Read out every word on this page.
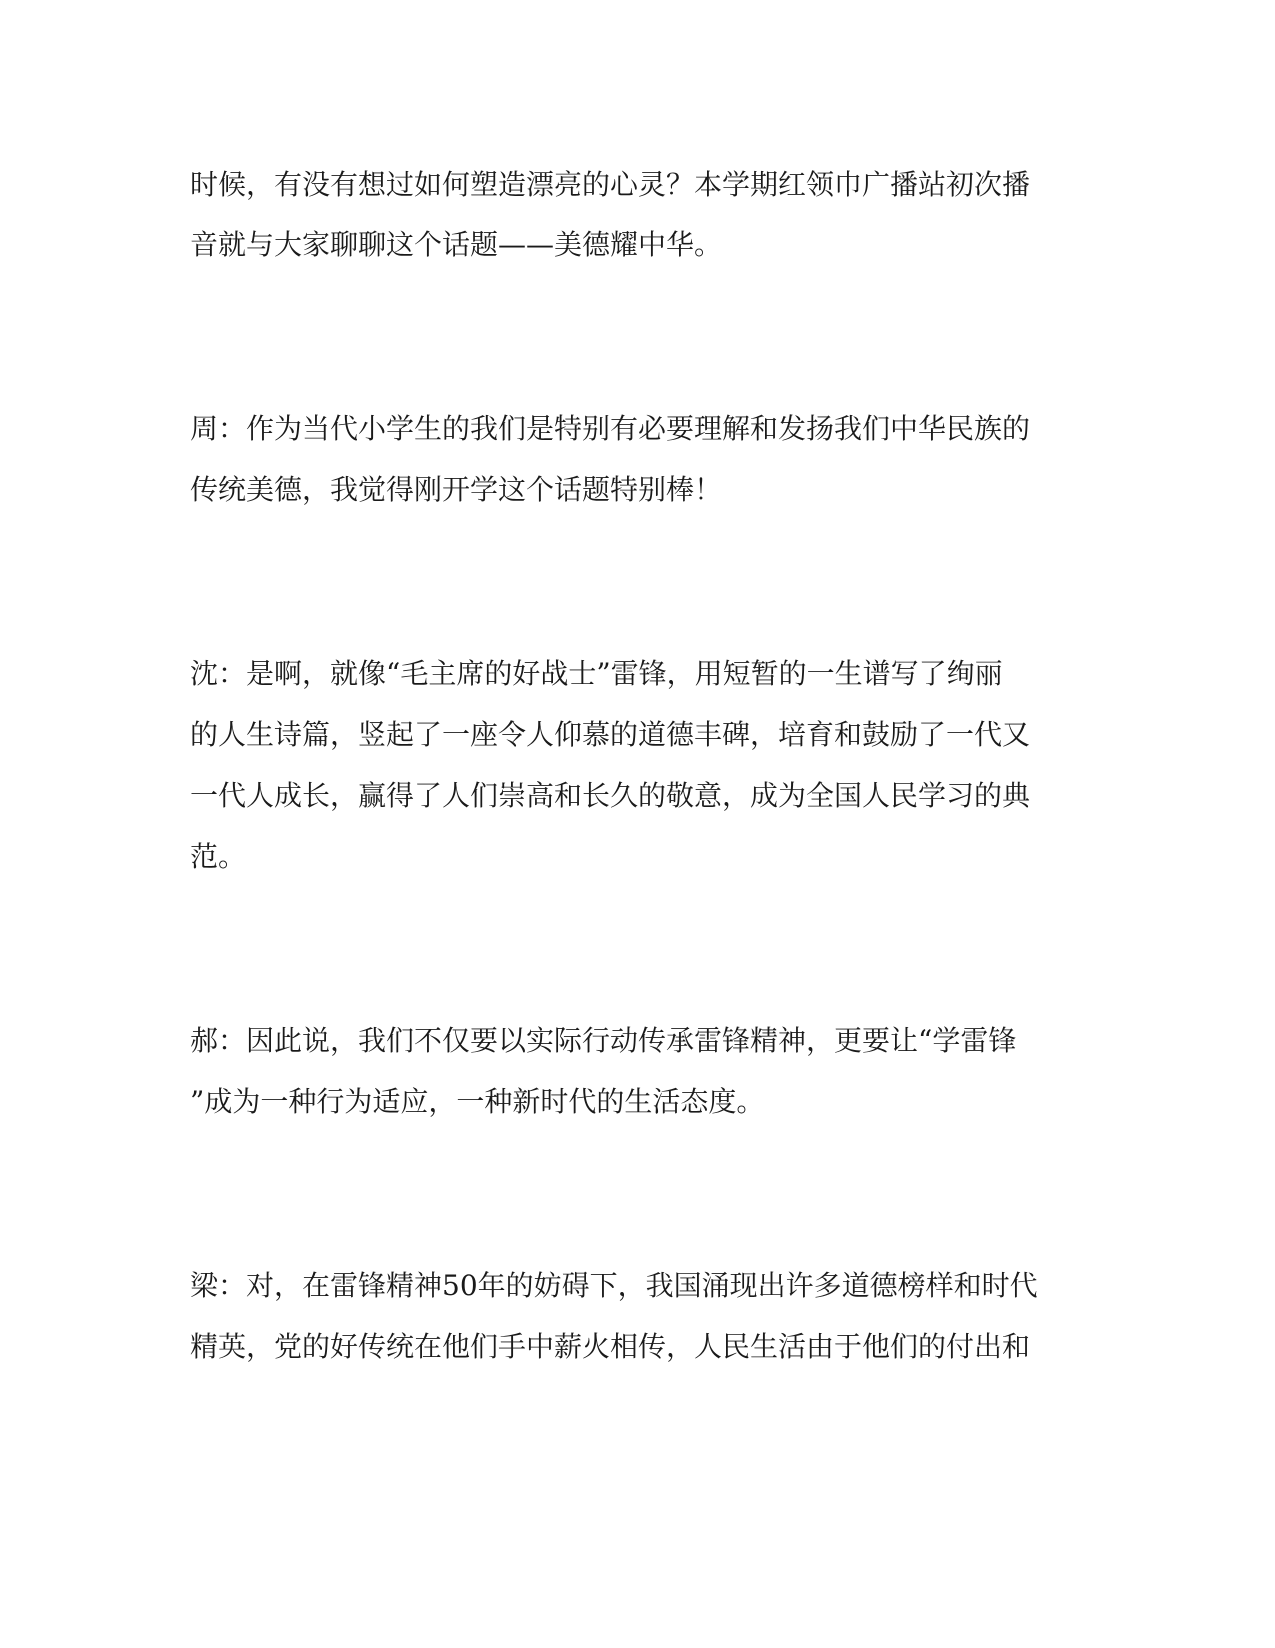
时候，有没有想过如何塑造漂亮的心灵？本学期红领巾广播站初次播

音就与大家聊聊这个话题——美德耀中华。

周：作为当代小学生的我们是特别有必要理解和发扬我们中华民族的

传统美德，我觉得刚开学这个话题特别棒！

沈：是啊，就像“毛主席的好战士”雷锋，用短暂的一生谱写了绚丽

的人生诗篇，竖起了一座令人仰慕的道德丰碑，培育和鼓励了一代又

一代人成长，赢得了人们崇高和长久的敬意，成为全国人民学习的典

范。

郝：因此说，我们不仅要以实际行动传承雷锋精神，更要让“学雷锋

”成为一种行为适应，一种新时代的生活态度。

梁：对，在雷锋精神50年的妨碍下，我国涌现出许多道德榜样和时代

精英，党的好传统在他们手中薪火相传，人民生活由于他们的付出和
